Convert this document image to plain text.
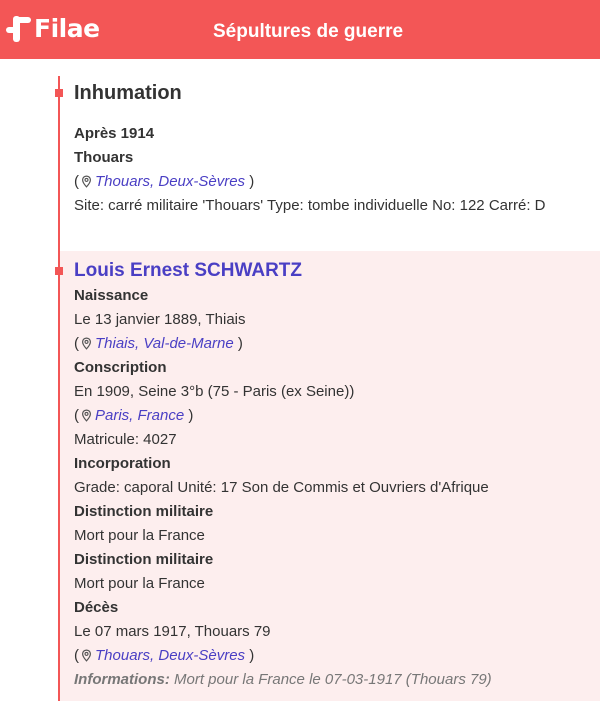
Filae	Sépultures de guerre
Inhumation
Après 1914
Thouars
( Thouars, Deux-Sèvres )
Site: carré militaire 'Thouars' Type: tombe individuelle No: 122 Carré: D
Louis Ernest SCHWARTZ
Naissance
Le 13 janvier 1889, Thiais
( Thiais, Val-de-Marne )
Conscription
En 1909, Seine 3°b (75 - Paris (ex Seine))
( Paris, France )
Matricule: 4027
Incorporation
Grade: caporal Unité: 17 Son de Commis et Ouvriers d'Afrique
Distinction militaire
Mort pour la France
Distinction militaire
Mort pour la France
Décès
Le 07 mars 1917, Thouars 79
( Thouars, Deux-Sèvres )
Informations: Mort pour la France le 07-03-1917 (Thouars 79)
